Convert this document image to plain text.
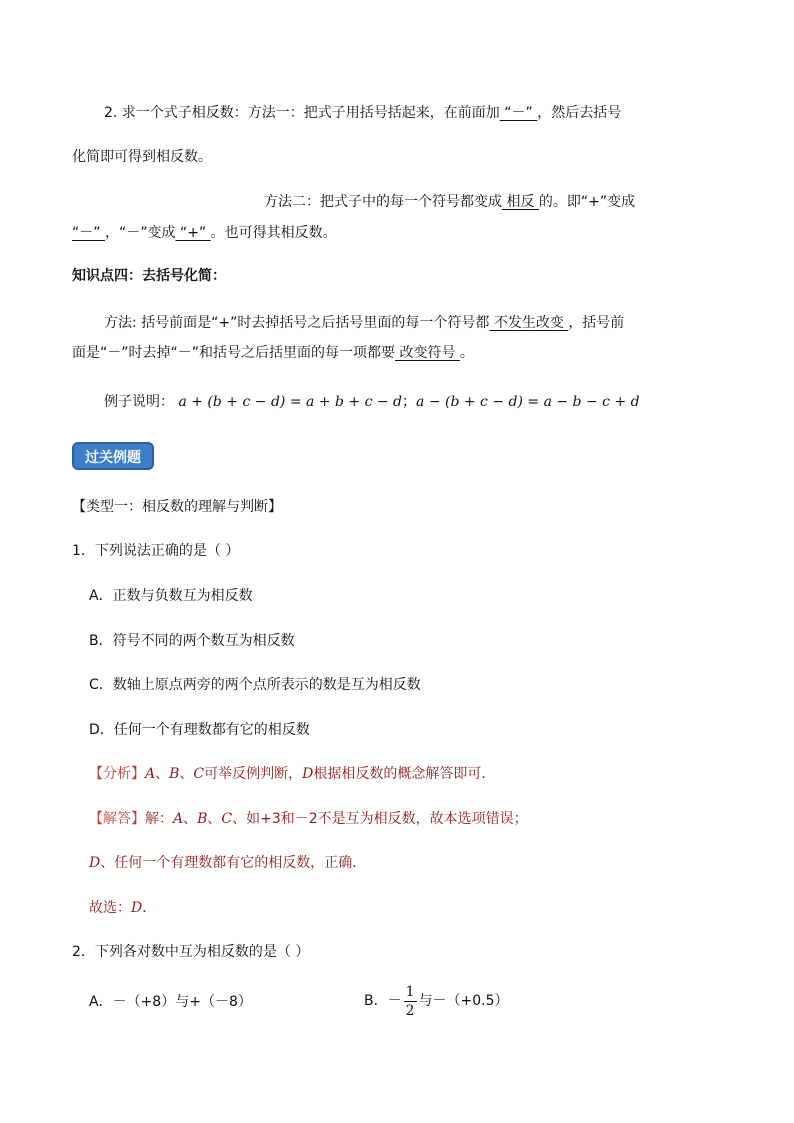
2. 求一个式子相反数：方法一：把式子用括号括起来，在前面加 “－” ，然后去括号
化简即可得到相反数。
方法二：把式子中的每一个符号都变成 相反 的。即“+”变成
“－” ，“－”变成 “+” 。也可得其相反数。
知识点四：去括号化简：
方法: 括号前面是“+”时去掉括号之后括号里面的每一个符号都 不发生改变 ，括号前
面是“－”时去掉“－”和括号之后括里面的每一项都要 改变符号 。
例子说明： a + (b + c − d) = a + b + c − d；a − (b + c − d) = a − b − c + d
过关例题
【类型一：相反数的理解与判断】
1．下列说法正确的是（ ）
A．正数与负数互为相反数
B．符号不同的两个数互为相反数
C．数轴上原点两旁的两个点所表示的数是互为相反数
D．任何一个有理数都有它的相反数
【分析】A、B、C可举反例判断，D根据相反数的概念解答即可．
【解答】解：A、B、C、如+3和－2不是互为相反数，故本选项错误；
D、任何一个有理数都有它的相反数，正确．
故选：D．
2．下列各对数中互为相反数的是（ ）
A．－（+8）与+（－8）	B．－ $\frac{1}{2}$ 与－（+0.5）
